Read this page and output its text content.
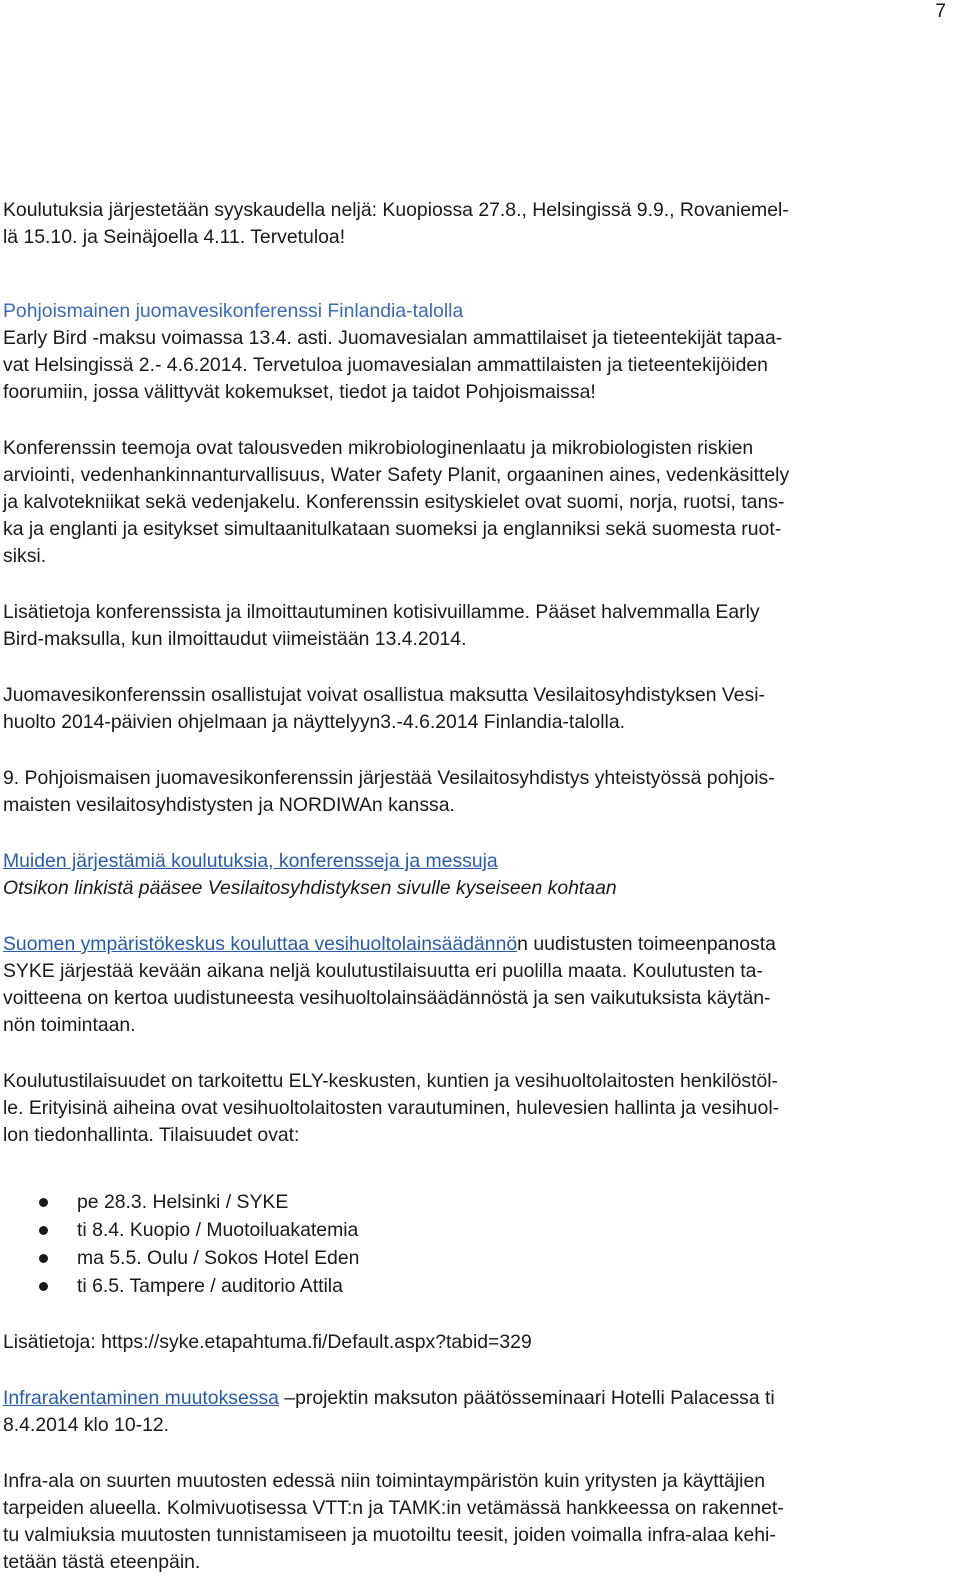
7

Koulutuksia järjestetään syyskaudella neljä: Kuopiossa 27.8., Helsingissä 9.9., Rovaniemel-

lä 15.10. ja Seinäjoella 4.11. Tervetuloa!

Pohjoismainen juomavesikonferenssi Finlandia-talolla

Early Bird -maksu voimassa 13.4. asti. Juomavesialan ammattilaiset ja tieteentekijät tapaa-

vat Helsingissä 2.- 4.6.2014. Tervetuloa juomavesialan ammattilaisten ja tieteentekijöiden

foorumiin, jossa välittyvät kokemukset, tiedot ja taidot Pohjoismaissa!

Konferenssin teemoja ovat talousveden mikrobiologinenlaatu ja mikrobiologisten riskien

arviointi, vedenhankinnanturvallisuus, Water Safety Planit, orgaaninen aines, vedenkäsittely

ja kalvotekniikat sekä vedenjakelu. Konferenssin esityskielet ovat suomi, norja, ruotsi, tans-

ka ja englanti ja esitykset simultaanitulkataan suomeksi ja englanniksi sekä suomesta ruot-

siksi.

Lisätietoja konferenssista ja ilmoittautuminen kotisivuillamme. Pääset halvemmalla Early

Bird-maksulla, kun ilmoittaudut viimeistään 13.4.2014.

Juomavesikonferenssin osallistujat voivat osallistua maksutta Vesilaitosyhdistyksen Vesi-

huolto 2014-päivien ohjelmaan ja näyttelyyn3.-4.6.2014 Finlandia-talolla.

9. Pohjoismaisen juomavesikonferenssin järjestää Vesilaitosyhdistys yhteistyössä pohjois-

maisten vesilaitosyhdistysten ja NORDIWAn kanssa.

Muiden järjestämiä koulutuksia, konferensseja ja messuja

Otsikon linkistä pääsee Vesilaitosyhdistyksen sivulle kyseiseen kohtaan

Suomen ympäristökeskus kouluttaa vesihuoltolainsäädännön uudistusten toimeenpanosta

SYKE järjestää kevään aikana neljä koulutustilaisuutta eri puolilla maata. Koulutusten ta-

voitteena on kertoa uudistuneesta vesihuoltolainsäädännöstä ja sen vaikutuksista käytän-

nön toimintaan.

Koulutustilaisuudet on tarkoitettu ELY-keskusten, kuntien ja vesihuoltolaitosten henkilöstöl-

le. Erityisinä aiheina ovat vesihuoltolaitosten varautuminen, hulevesien hallinta ja vesihuol-

lon tiedonhallinta. Tilaisuudet ovat:

pe 28.3. Helsinki / SYKE
ti 8.4. Kuopio / Muotoiluakatemia
ma 5.5. Oulu / Sokos Hotel Eden
ti 6.5. Tampere / auditorio Attila

Lisätietoja: https://syke.etapahtuma.fi/Default.aspx?tabid=329

Infrarakentaminen muutoksessa –projektin maksuton päätösseminaari Hotelli Palacessa ti

8.4.2014 klo 10-12.

Infra-ala on suurten muutosten edessä niin toimintaympäristön kuin yritysten ja käyttäjien

tarpeiden alueella. Kolmivuotisessa VTT:n ja TAMK:in vetämässä hankkeessa on rakennet-

tu valmiuksia muutosten tunnistamiseen ja muotoiltu teesit, joiden voimalla infra-alaa kehi-

tetään tästä eteenpäin.
